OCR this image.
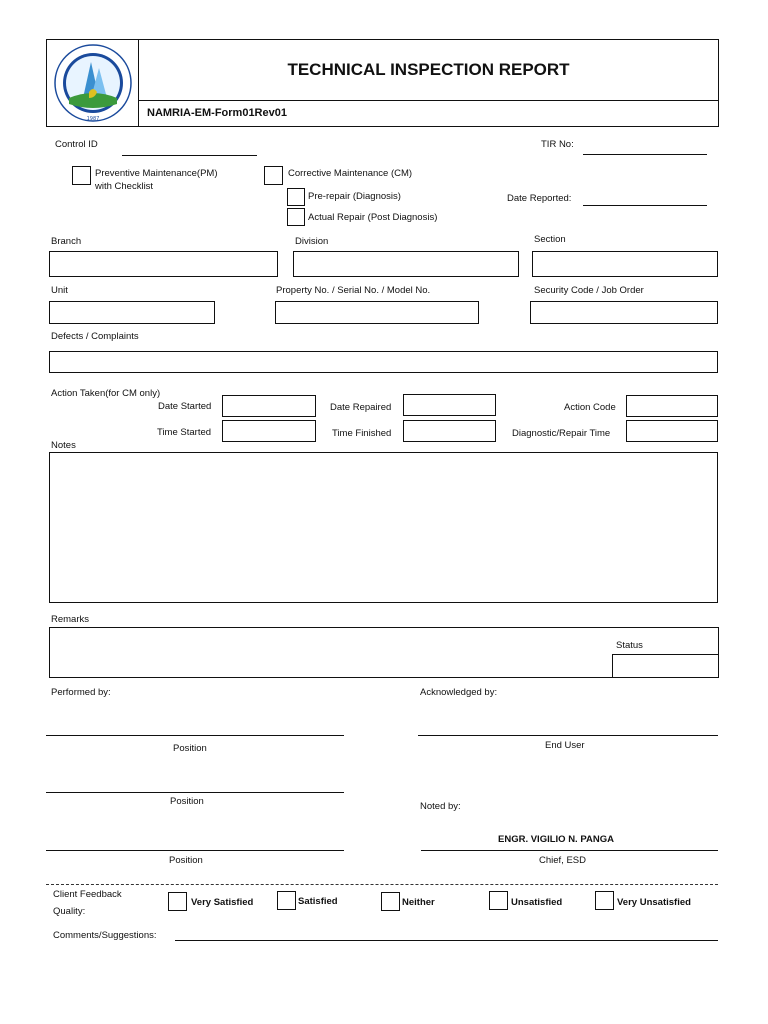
1987
TECHNICAL INSPECTION REPORT
NAMRIA-EM-Form01Rev01
Control ID	TIR No:
Preventive Maintenance(PM)
with Checklist
Corrective Maintenance (CM)
Pre-repair (Diagnosis)
Actual Repair (Post Diagnosis)
Date Reported:
Branch	Division	Section
Unit	Property No. / Serial No. / Model No.	Security Code / Job Order
Defects / Complaints
Action Taken(for CM only)
Date Started	Date Repaired	Action Code
Time Started	Time Finished	Diagnostic/Repair Time
Notes
Remarks
Status
Performed by:	Acknowledged by:
Position	End User
Position	Noted by:
ENGR. VIGILIO N. PANGA
Position	Chief, ESD
Client Feedback
Quality:
Very Satisfied	Satisfied	Neither	Unsatisfied	Very Unsatisfied
Comments/Suggestions:
